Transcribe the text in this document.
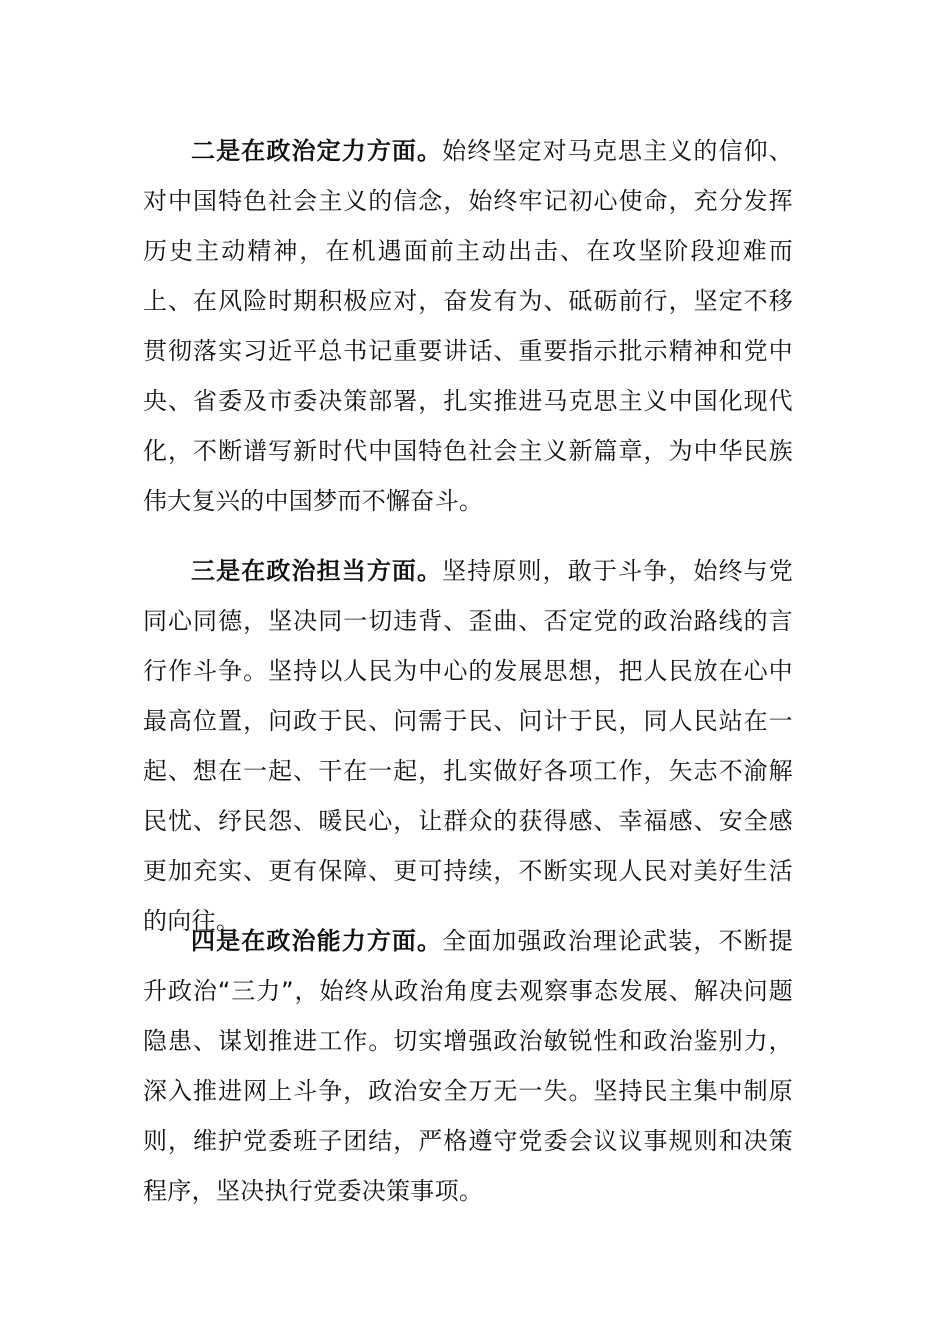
二是在政治定力方面。始终坚定对马克思主义的信仰、对中国特色社会主义的信念，始终牢记初心使命，充分发挥历史主动精神，在机遇面前主动出击、在攻坚阶段迎难而上、在风险时期积极应对，奋发有为、砥砺前行，坚定不移贯彻落实习近平总书记重要讲话、重要指示批示精神和党中央、省委及市委决策部署，扎实推进马克思主义中国化现代化，不断谱写新时代中国特色社会主义新篇章，为中华民族伟大复兴的中国梦而不懈奋斗。

三是在政治担当方面。坚持原则，敢于斗争，始终与党同心同德，坚决同一切违背、歪曲、否定党的政治路线的言行作斗争。坚持以人民为中心的发展思想，把人民放在心中最高位置，问政于民、问需于民、问计于民，同人民站在一起、想在一起、干在一起，扎实做好各项工作，矢志不渝解民忧、纾民怨、暖民心，让群众的获得感、幸福感、安全感更加充实、更有保障、更可持续，不断实现人民对美好生活的向往。

四是在政治能力方面。全面加强政治理论武装，不断提升政治“三力”，始终从政治角度去观察事态发展、解决问题隐患、谋划推进工作。切实增强政治敏锐性和政治鉴别力，深入推进网上斗争，政治安全万无一失。坚持民主集中制原则，维护党委班子团结，严格遵守党委会议议事规则和决策程序，坚决执行党委决策事项。
